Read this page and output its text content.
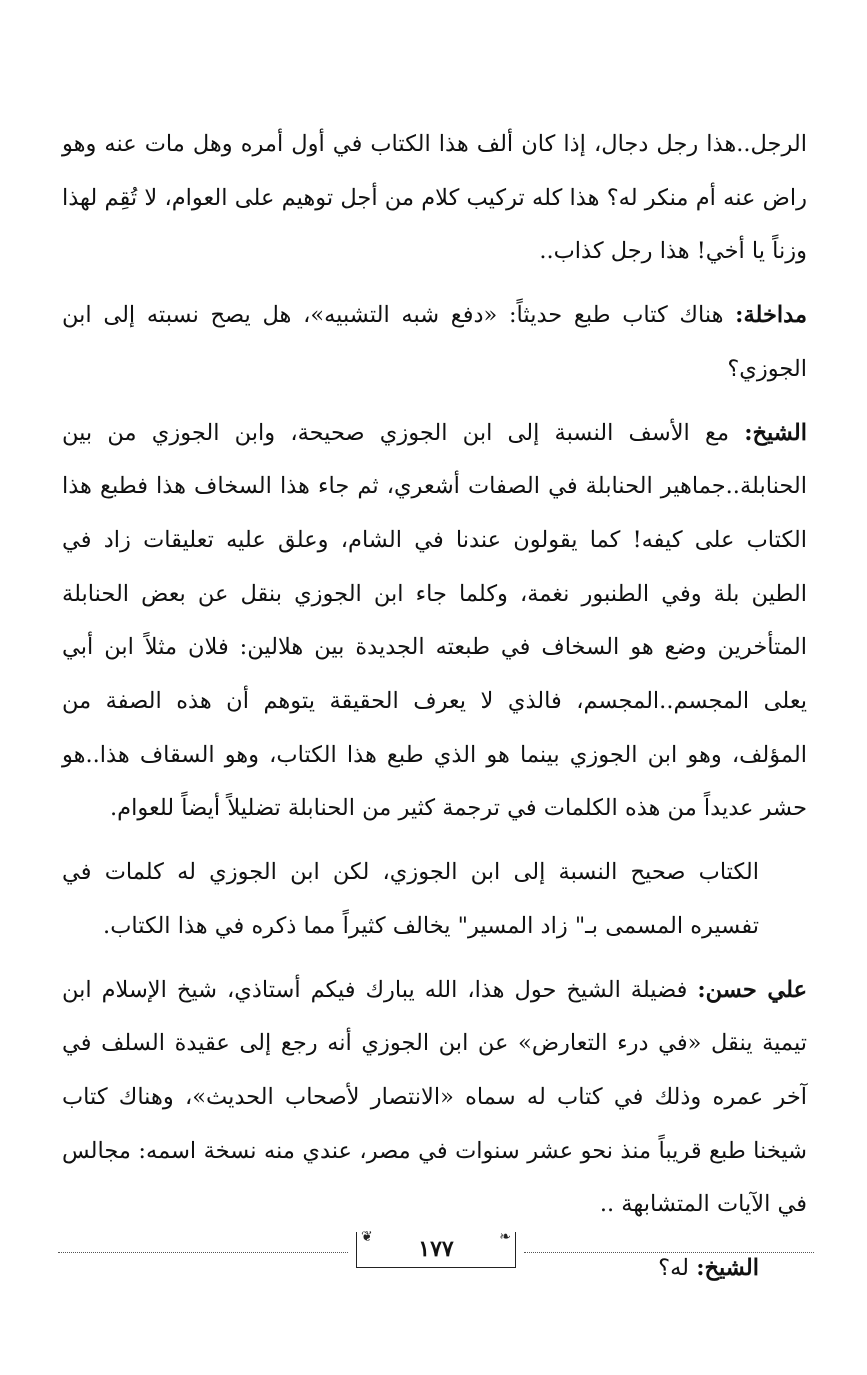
الرجل..هذا رجل دجال، إذا كان ألف هذا الكتاب في أول أمره وهل مات عنه وهو راض عنه أم منكر له؟ هذا كله تركيب كلام من أجل توهيم على العوام، لا تُقِم لهذا وزناً يا أخي! هذا رجل كذاب..

مداخلة: هناك كتاب طبع حديثاً: «دفع شبه التشبيه»، هل يصح نسبته إلى ابن الجوزي؟

الشيخ: مع الأسف النسبة إلى ابن الجوزي صحيحة، وابن الجوزي من بين الحنابلة..جماهير الحنابلة في الصفات أشعري، ثم جاء هذا السخاف هذا فطبع هذا الكتاب على كيفه! كما يقولون عندنا في الشام، وعلق عليه تعليقات زاد في الطين بلة وفي الطنبور نغمة، وكلما جاء ابن الجوزي بنقل عن بعض الحنابلة المتأخرين وضع هو السخاف في طبعته الجديدة بين هلالين: فلان مثلاً ابن أبي يعلى المجسم..المجسم، فالذي لا يعرف الحقيقة يتوهم أن هذه الصفة من المؤلف، وهو ابن الجوزي بينما هو الذي طبع هذا الكتاب، وهو السقاف هذا..هو حشر عديداً من هذه الكلمات في ترجمة كثير من الحنابلة تضليلاً أيضاً للعوام.

الكتاب صحيح النسبة إلى ابن الجوزي، لكن ابن الجوزي له كلمات في تفسيره المسمى بـ" زاد المسير" يخالف كثيراً مما ذكره في هذا الكتاب.

علي حسن: فضيلة الشيخ حول هذا، الله يبارك فيكم أستاذي، شيخ الإسلام ابن تيمية ينقل «في درء التعارض» عن ابن الجوزي أنه رجع إلى عقيدة السلف في آخر عمره وذلك في كتاب له سماه «الانتصار لأصحاب الحديث»، وهناك كتاب شيخنا طبع قريباً منذ نحو عشر سنوات في مصر، عندي منه نسخة اسمه: مجالس في الآيات المتشابهة ..

الشيخ: له؟

❦	❧
١٧٧
